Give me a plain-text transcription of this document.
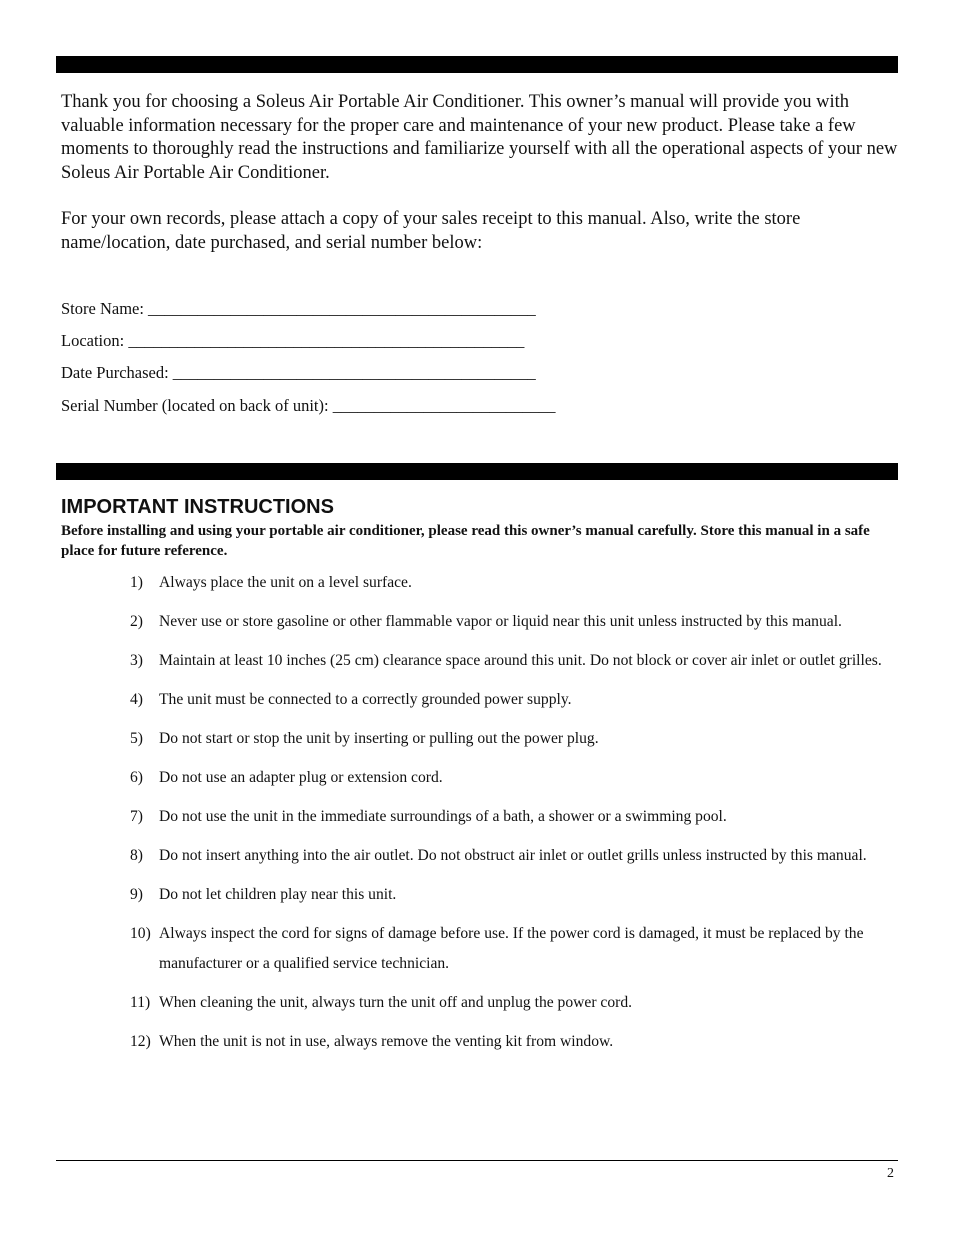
Thank you for choosing a Soleus Air Portable Air Conditioner. This owner’s manual will provide you with valuable information necessary for the proper care and maintenance of your new product. Please take a few moments to thoroughly read the instructions and familiarize yourself with all the operational aspects of your new Soleus Air Portable Air Conditioner.

For your own records, please attach a copy of your sales receipt to this manual. Also, write the store name/location, date purchased, and serial number below:

Store Name: _______________________________________________
Location: ________________________________________________
Date Purchased: ____________________________________________
Serial Number (located on back of unit): ___________________________
IMPORTANT INSTRUCTIONS
Before installing and using your portable air conditioner, please read this owner’s manual carefully. Store this manual in a safe place for future reference.
1)	Always place the unit on a level surface.
2)	Never use or store gasoline or other flammable vapor or liquid near this unit unless instructed by this manual.
3)	Maintain at least 10 inches (25 cm) clearance space around this unit. Do not block or cover air inlet or outlet grilles.
4)	The unit must be connected to a correctly grounded power supply.
5)	Do not start or stop the unit by inserting or pulling out the power plug.
6)	Do not use an adapter plug or extension cord.
7)	Do not use the unit in the immediate surroundings of a bath, a shower or a swimming pool.
8)	Do not insert anything into the air outlet. Do not obstruct air inlet or outlet grills unless instructed by this manual.
9)	Do not let children play near this unit.
10) Always inspect the cord for signs of damage before use. If the power cord is damaged, it must be replaced by the manufacturer or a qualified service technician.
11) When cleaning the unit, always turn the unit off and unplug the power cord.
12) When the unit is not in use, always remove the venting kit from window.
2
